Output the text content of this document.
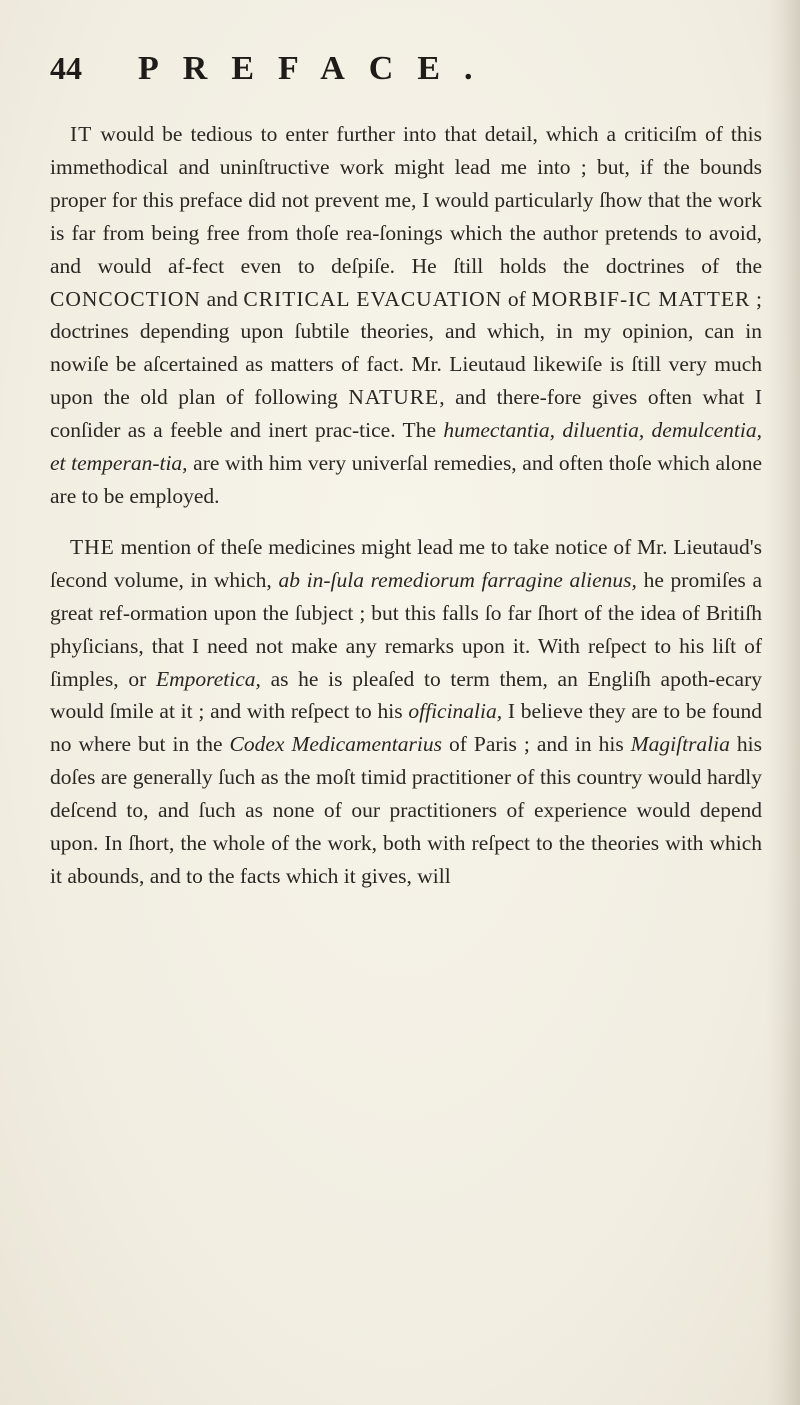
44 PREFACE.

IT would be tedious to enter further into that detail, which a criticiſm of this immethodical and uninſtructive work might lead me into ; but, if the bounds proper for this preface did not prevent me, I would particularly ſhow that the work is far from being free from thoſe rea-ſonings which the author pretends to avoid, and would af-fect even to deſpiſe. He ſtill holds the doctrines of the CONCOCTION and CRITICAL EVACUATION of MORBIF-IC MATTER ; doctrines depending upon ſubtile theories, and which, in my opinion, can in nowiſe be aſcertained as matters of fact. Mr. Lieutaud likewiſe is ſtill very much upon the old plan of following NATURE, and there-fore gives often what I conſider as a feeble and inert prac-tice. The humectantia, diluentia, demulcentia, et temperan-tia, are with him very univerſal remedies, and often thoſe which alone are to be employed.

THE mention of theſe medicines might lead me to take notice of Mr. Lieutaud's ſecond volume, in which, ab in-ſula remediorum farragine alienus, he promiſes a great ref-ormation upon the ſubject ; but this falls ſo far ſhort of the idea of Britiſh phyſicians, that I need not make any remarks upon it. With reſpect to his liſt of ſimples, or Emporetica, as he is pleaſed to term them, an Engliſh apoth-ecary would ſmile at it ; and with reſpect to his officinalia, I believe they are to be found no where but in the Codex Medicamentarius of Paris ; and in his Magiſtralia his doſes are generally ſuch as the moſt timid practitioner of this country would hardly deſcend to, and ſuch as none of our practitioners of experience would depend upon. In ſhort, the whole of the work, both with reſpect to the theories with which it abounds, and to the facts which it gives, will
